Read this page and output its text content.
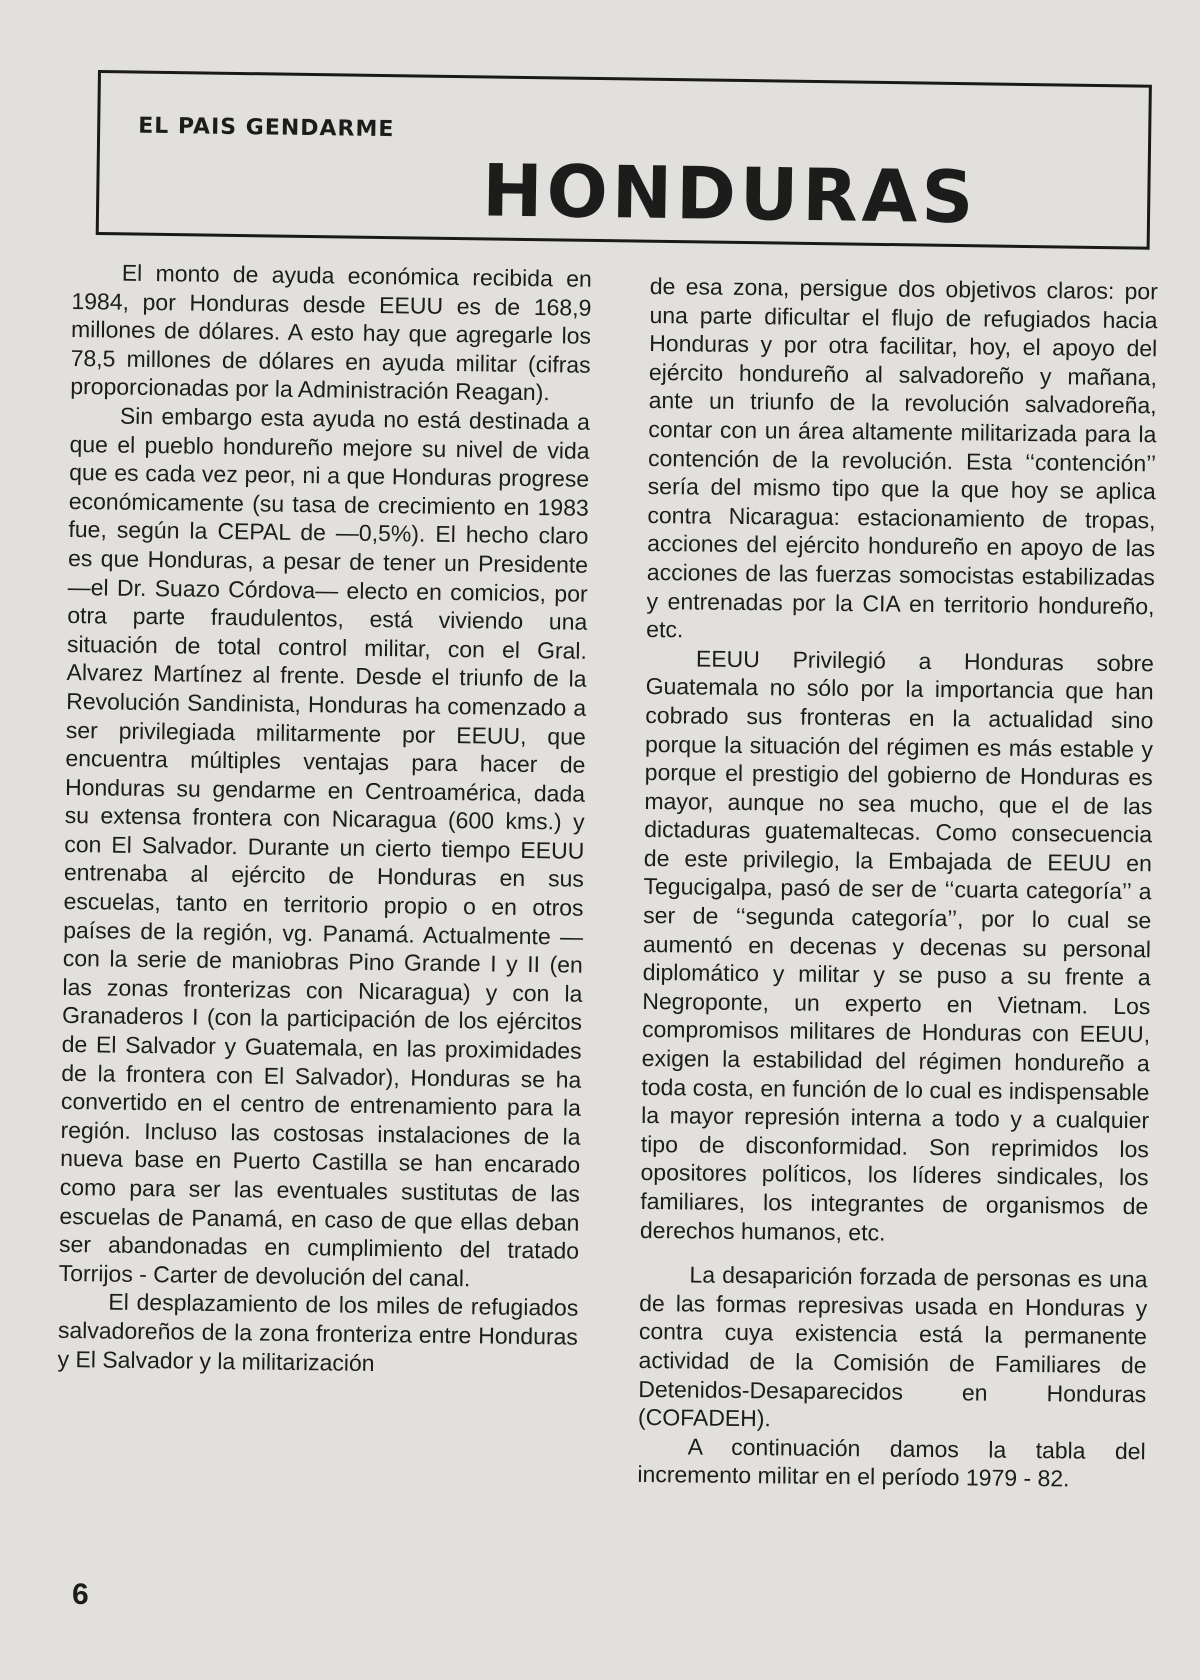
EL PAIS GENDARME
HONDURAS

El monto de ayuda económica recibida en 1984, por Honduras desde EEUU es de 168,9 millones de dólares. A esto hay que agregarle los 78,5 millones de dólares en ayuda militar (cifras proporcionadas por la Administración Reagan).

Sin embargo esta ayuda no está destinada a que el pueblo hondureño mejore su nivel de vida que es cada vez peor, ni a que Honduras progrese económicamente (su tasa de crecimiento en 1983 fue, según la CEPAL de —0,5%). El hecho claro es que Honduras, a pesar de tener un Presidente —el Dr. Suazo Córdova— electo en comicios, por otra parte fraudulentos, está viviendo una situación de total control militar, con el Gral. Alvarez Martínez al frente. Desde el triunfo de la Revolución Sandinista, Honduras ha comenzado a ser privilegiada militarmente por EEUU, que encuentra múltiples ventajas para hacer de Honduras su gendarme en Centroamérica, dada su extensa frontera con Nicaragua (600 kms.) y con El Salvador. Durante un cierto tiempo EEUU entrenaba al ejército de Honduras en sus escuelas, tanto en territorio propio o en otros países de la región, vg. Panamá. Actualmente —con la serie de maniobras Pino Grande I y II (en las zonas fronterizas con Nicaragua) y con la Granaderos I (con la participación de los ejércitos de El Salvador y Guatemala, en las proximidades de la frontera con El Salvador), Honduras se ha convertido en el centro de entrenamiento para la región. Incluso las costosas instalaciones de la nueva base en Puerto Castilla se han encarado como para ser las eventuales sustitutas de las escuelas de Panamá, en caso de que ellas deban ser abandonadas en cumplimiento del tratado Torrijos - Carter de devolución del canal.

El desplazamiento de los miles de refugiados salvadoreños de la zona fronteriza entre Honduras y El Salvador y la militarización

de esa zona, persigue dos objetivos claros: por una parte dificultar el flujo de refugiados hacia Honduras y por otra facilitar, hoy, el apoyo del ejército hondureño al salvadoreño y mañana, ante un triunfo de la revolución salvadoreña, contar con un área altamente militarizada para la contención de la revolución. Esta ‘‘contención’’ sería del mismo tipo que la que hoy se aplica contra Nicaragua: estacionamiento de tropas, acciones del ejército hondureño en apoyo de las acciones de las fuerzas somocistas estabilizadas y entrenadas por la CIA en territorio hondureño, etc.

EEUU Privilegió a Honduras sobre Guatemala no sólo por la importancia que han cobrado sus fronteras en la actualidad sino porque la situación del régimen es más estable y porque el prestigio del gobierno de Honduras es mayor, aunque no sea mucho, que el de las dictaduras guatemaltecas. Como consecuencia de este privilegio, la Embajada de EEUU en Tegucigalpa, pasó de ser de ‘‘cuarta categoría’’ a ser de ‘‘segunda categoría’’, por lo cual se aumentó en decenas y decenas su personal diplomático y militar y se puso a su frente a Negroponte, un experto en Vietnam. Los compromisos militares de Honduras con EEUU, exigen la estabilidad del régimen hondureño a toda costa, en función de lo cual es indispensable la mayor represión interna a todo y a cualquier tipo de disconformidad. Son reprimidos los opositores políticos, los líderes sindicales, los familiares, los integrantes de organismos de derechos humanos, etc.

La desaparición forzada de personas es una de las formas represivas usada en Honduras y contra cuya existencia está la permanente actividad de la Comisión de Familiares de Detenidos-Desaparecidos en Honduras (COFADEH).

A continuación damos la tabla del incremento militar en el período 1979 - 82.

6
